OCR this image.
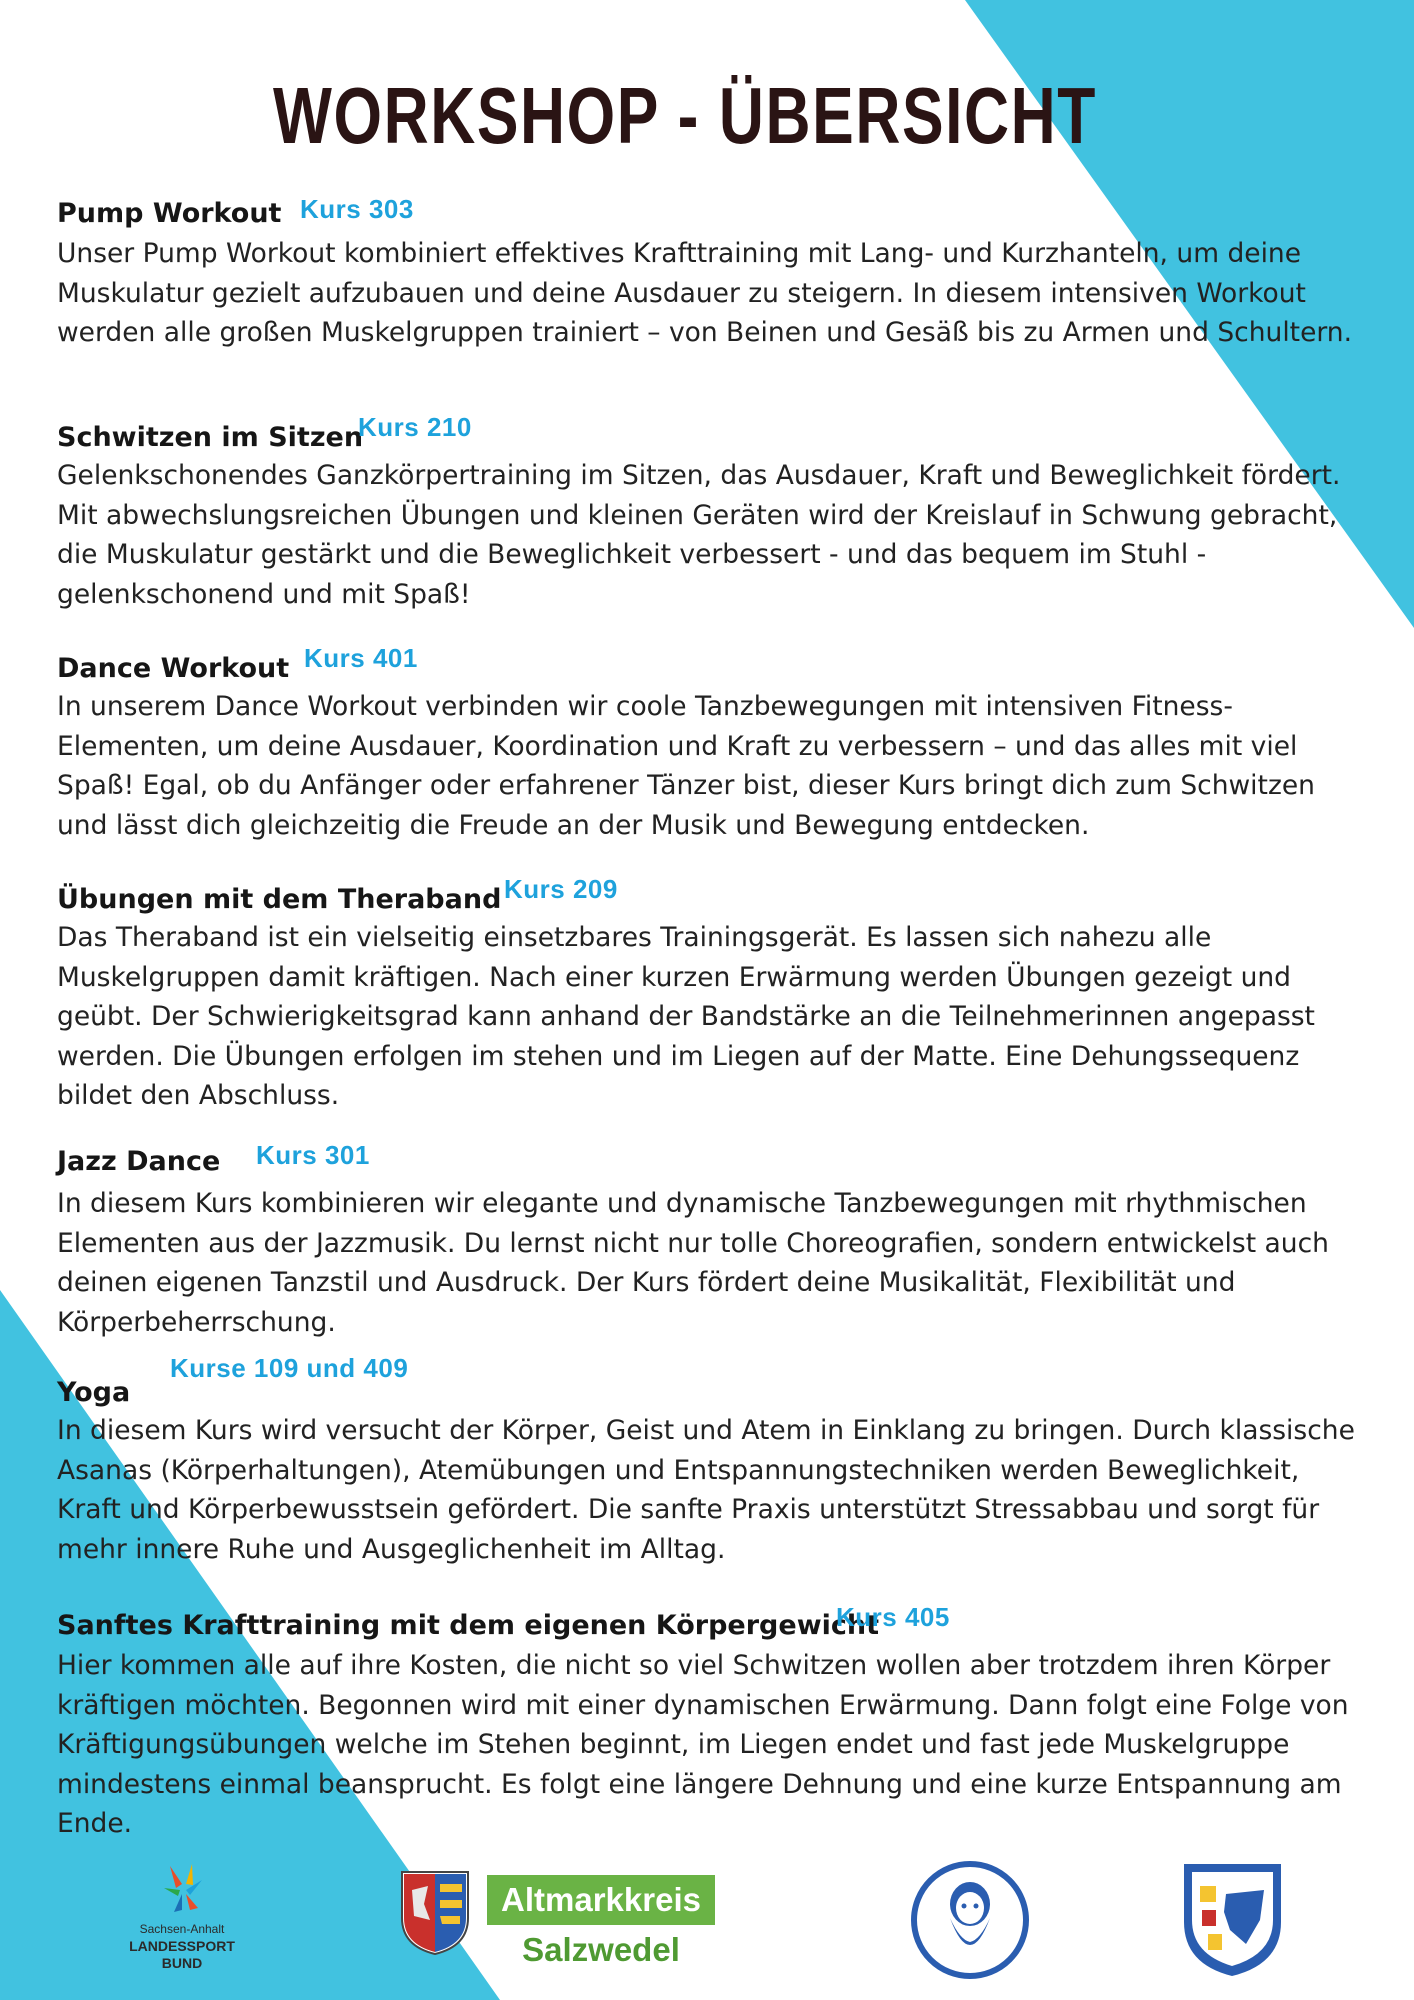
WORKSHOP - ÜBERSICHT
Pump Workout Kurs 303

Unser Pump Workout kombiniert effektives Krafttraining mit Lang- und Kurzhanteln, um deine Muskulatur gezielt aufzubauen und deine Ausdauer zu steigern. In diesem intensiven Workout werden alle großen Muskelgruppen trainiert – von Beinen und Gesäß bis zu Armen und Schultern.

Schwitzen im Sitzen
Kurs 210

Gelenkschonendes Ganzkörpertraining im Sitzen, das Ausdauer, Kraft und Beweglichkeit fördert. Mit abwechslungsreichen Übungen und kleinen Geräten wird der Kreislauf in Schwung gebracht, die Muskulatur gestärkt und die Beweglichkeit verbessert - und das bequem im Stuhl - gelenkschonend und mit Spaß!

Dance Workout Kurs 401

In unserem Dance Workout verbinden wir coole Tanzbewegungen mit intensiven Fitness-Elementen, um deine Ausdauer, Koordination und Kraft zu verbessern – und das alles mit viel Spaß! Egal, ob du Anfänger oder erfahrener Tänzer bist, dieser Kurs bringt dich zum Schwitzen und lässt dich gleichzeitig die Freude an der Musik und Bewegung entdecken.

Übungen mit dem Theraband Kurs 209

Das Theraband ist ein vielseitig einsetzbares Trainingsgerät. Es lassen sich nahezu alle Muskelgruppen damit kräftigen. Nach einer kurzen Erwärmung werden Übungen gezeigt und geübt. Der Schwierigkeitsgrad kann anhand der Bandstärke an die Teilnehmerinnen angepasst werden. Die Übungen erfolgen im stehen und im Liegen auf der Matte. Eine Dehungssequenz bildet den Abschluss.

Jazz Dance Kurs 301

In diesem Kurs kombinieren wir elegante und dynamische Tanzbewegungen mit rhythmischen Elementen aus der Jazzmusik. Du lernst nicht nur tolle Choreografien, sondern entwickelst auch deinen eigenen Tanzstil und Ausdruck. Der Kurs fördert deine Musikalität, Flexibilität und Körperbeherrschung.

Yoga
Kurse 109 und 409

In diesem Kurs wird versucht der Körper, Geist und Atem in Einklang zu bringen. Durch klassische Asanas (Körperhaltungen), Atemübungen und Entspannungstechniken werden Beweglichkeit, Kraft und Körperbewusstsein gefördert. Die sanfte Praxis unterstützt Stressabbau und sorgt für mehr innere Ruhe und Ausgeglichenheit im Alltag.

Sanftes Krafttraining mit dem eigenen Körpergewicht
Kurs 405

Hier kommen alle auf ihre Kosten, die nicht so viel Schwitzen wollen aber trotzdem ihren Körper kräftigen möchten. Begonnen wird mit einer dynamischen Erwärmung. Dann folgt eine Folge von Kräftigungsübungen welche im Stehen beginnt, im Liegen endet und fast jede Muskelgruppe mindestens einmal beansprucht. Es folgt eine längere Dehnung und eine kurze Entspannung am Ende.

Sachsen-Anhalt
LANDESSPORT
BUND
Altmarkkreis
Salzwedel
